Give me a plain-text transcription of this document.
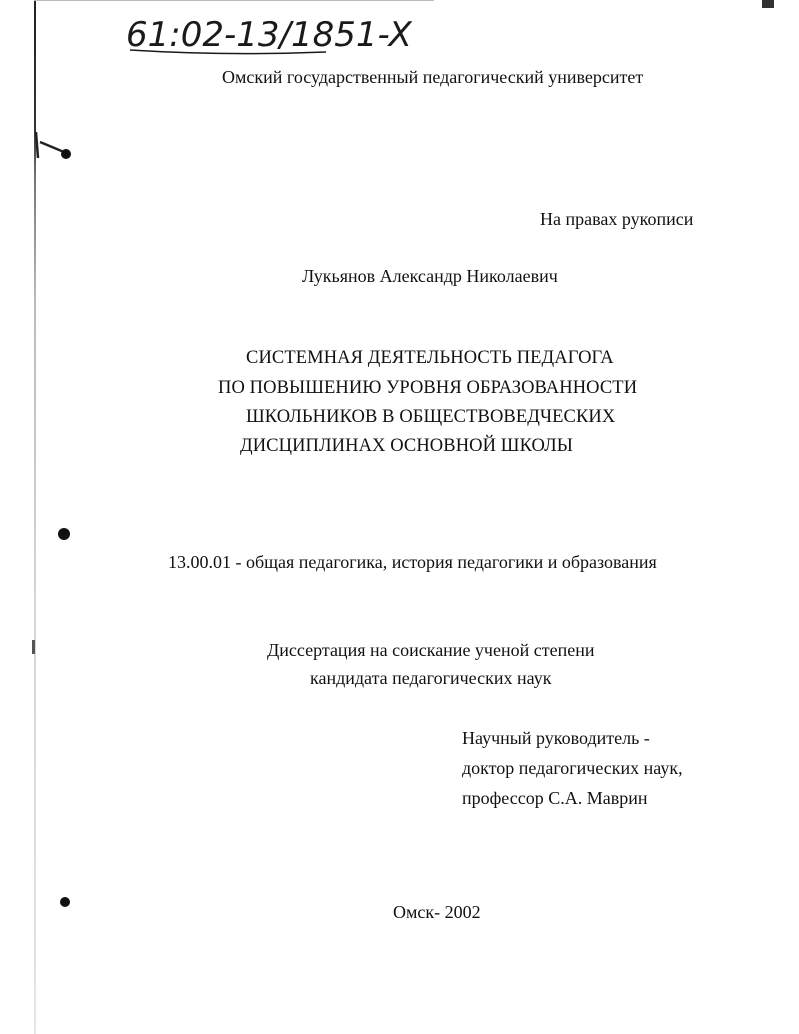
61:02-13/1851-X
Омский государственный педагогический университет
На правах рукописи
Лукьянов Александр Николаевич
СИСТЕМНАЯ ДЕЯТЕЛЬНОСТЬ ПЕДАГОГА
ПО ПОВЫШЕНИЮ УРОВНЯ ОБРАЗОВАННОСТИ
ШКОЛЬНИКОВ В ОБЩЕСТВОВЕДЧЕСКИХ
ДИСЦИПЛИНАХ ОСНОВНОЙ ШКОЛЫ
13.00.01 - общая педагогика, история педагогики и образования
Диссертация на соискание ученой степени
кандидата педагогических наук
Научный руководитель -
доктор педагогических наук,
профессор С.А. Маврин
Омск- 2002
